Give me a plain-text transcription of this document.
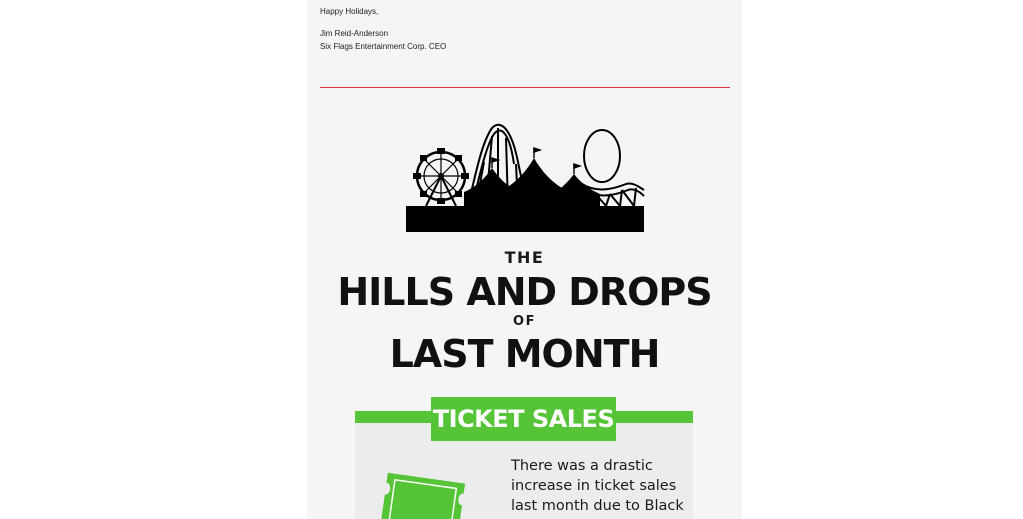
Happy Holidays,
Jim Reid-Anderson
Six Flags Entertainment Corp. CEO
THE
HILLS AND DROPS
OF
LAST MONTH
TICKET SALES
There was a drastic
increase in ticket sales
last month due to Black
